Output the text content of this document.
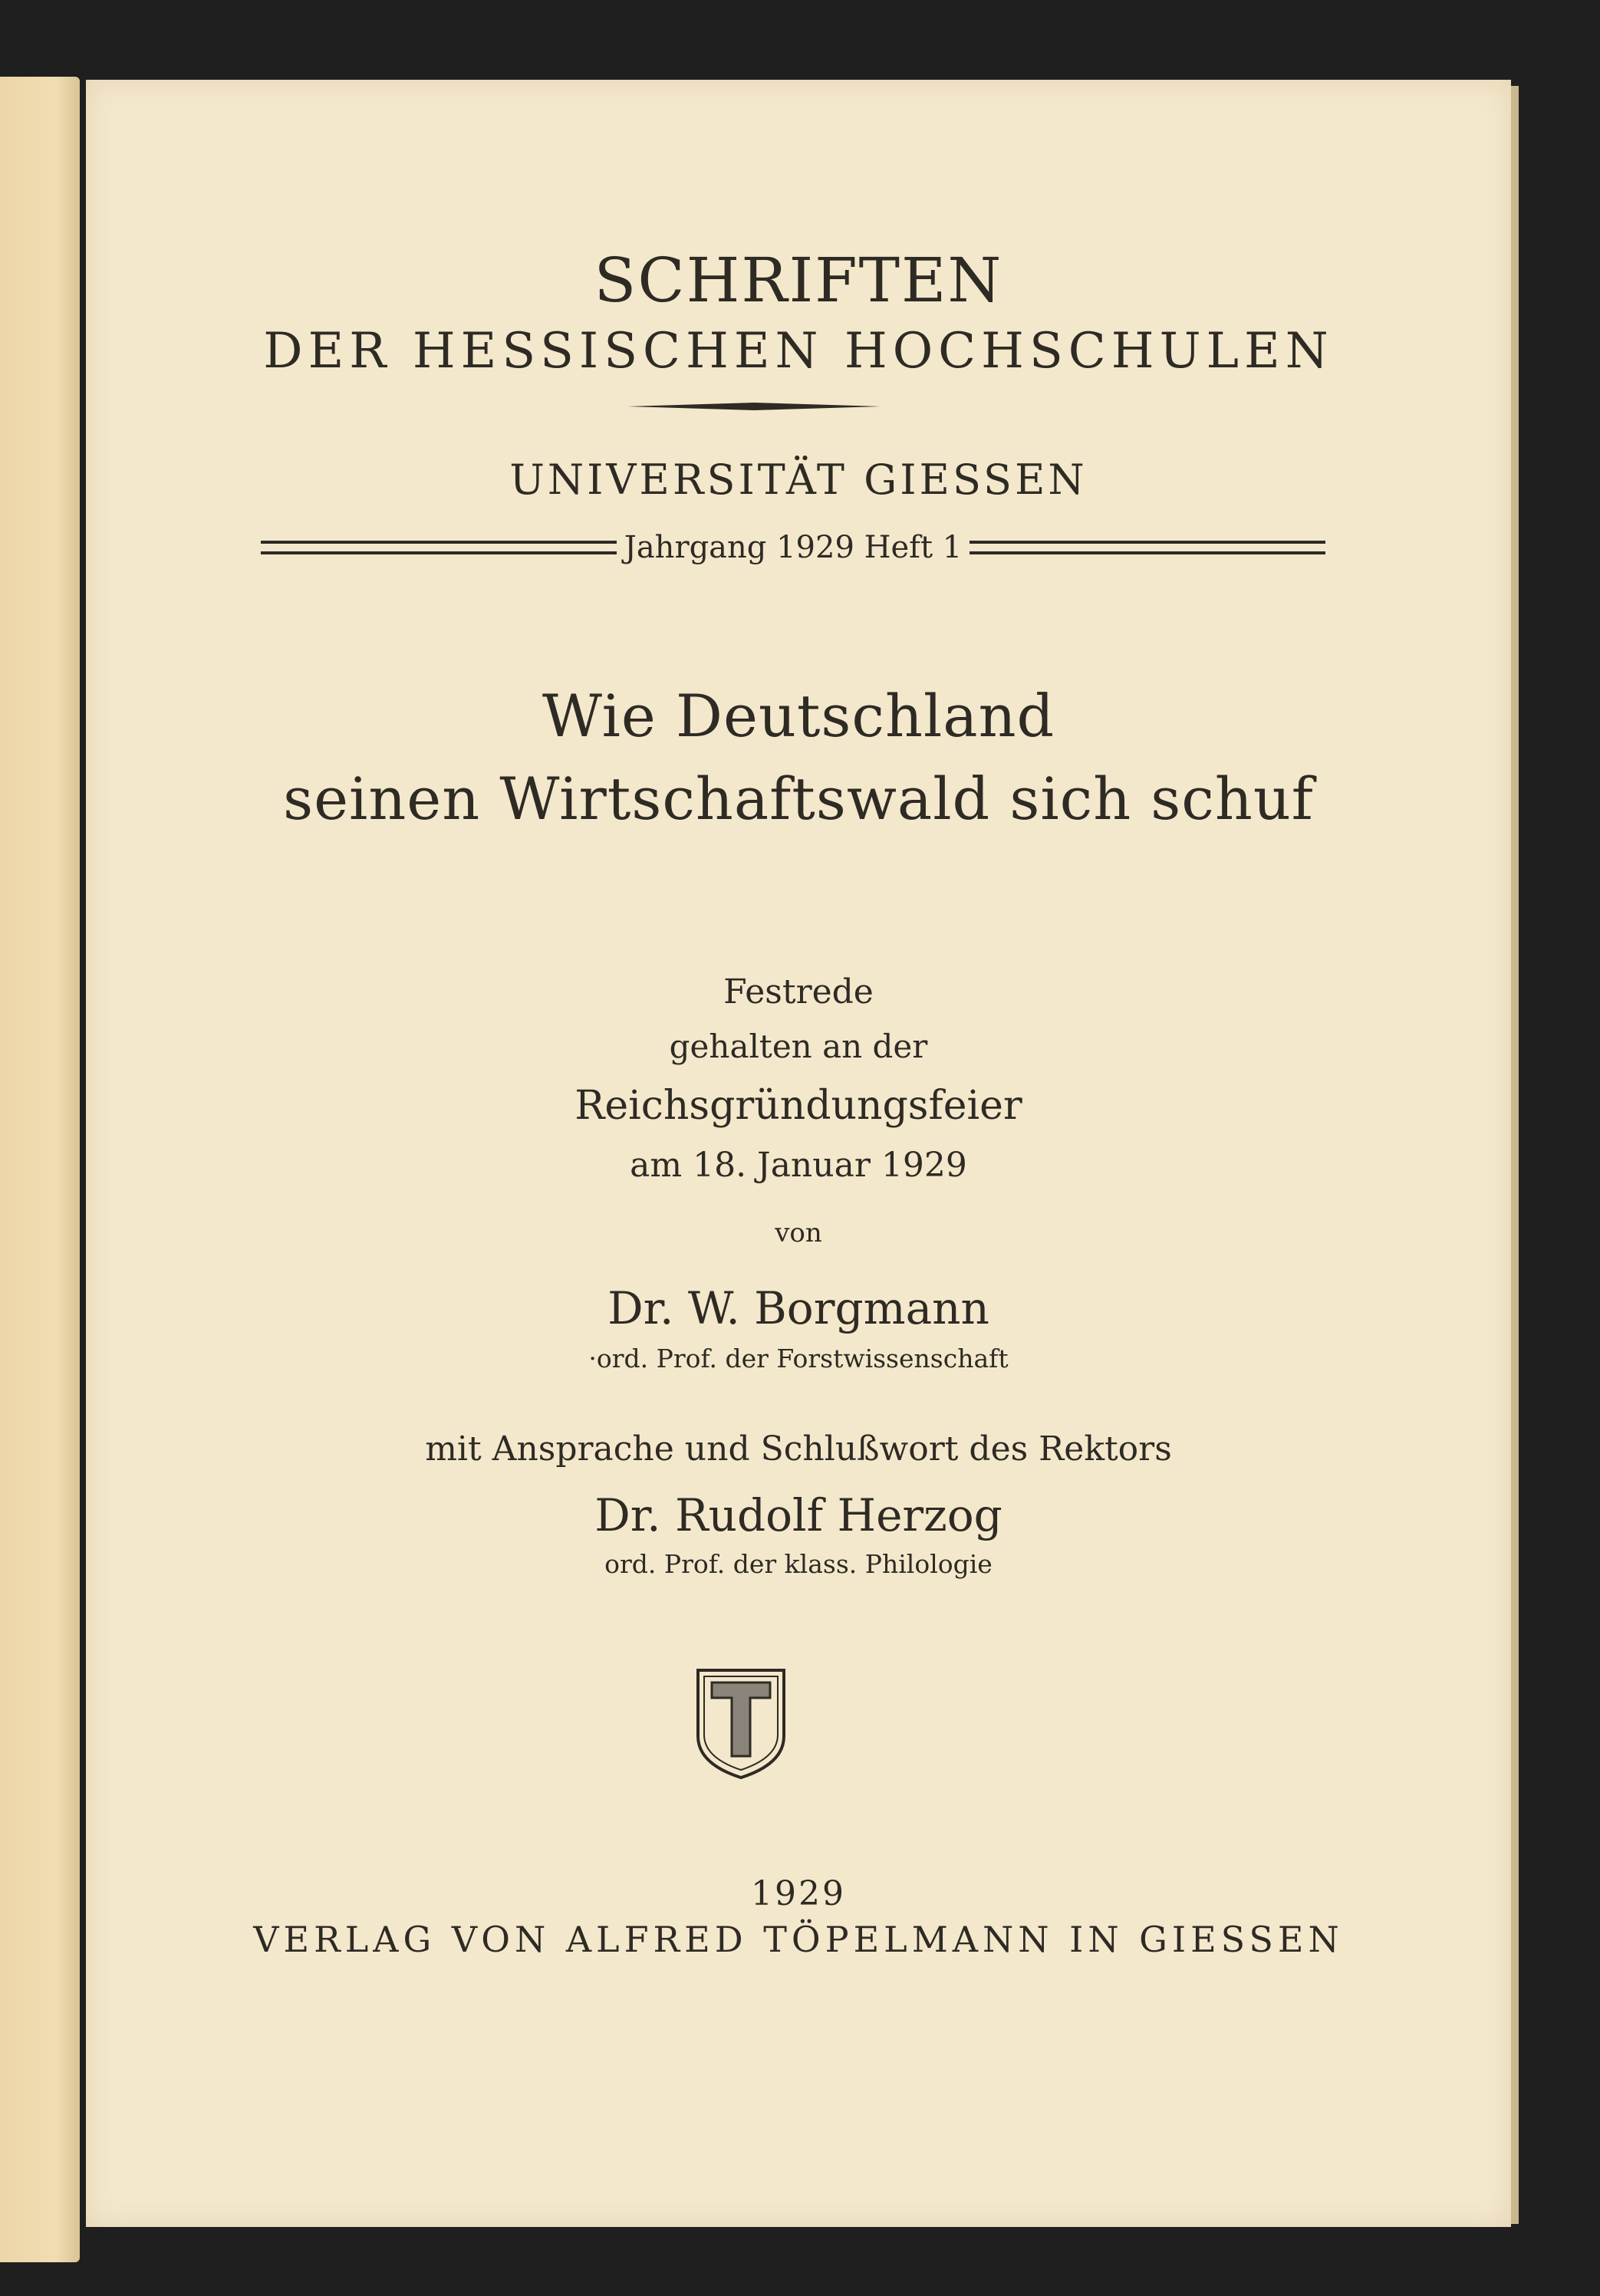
SCHRIFTEN
DER HESSISCHEN HOCHSCHULEN
UNIVERSITÄT GIESSEN
Jahrgang 1929 Heft 1
Wie Deutschland
seinen Wirtschaftswald sich schuf
Festrede
gehalten an der
Reichsgründungsfeier
am 18. Januar 1929
von
Dr. W. Borgmann
·ord. Prof. der Forstwissenschaft
mit Ansprache und Schlußwort des Rektors
Dr. Rudolf Herzog
ord. Prof. der klass. Philologie
1929
VERLAG VON ALFRED TÖPELMANN IN GIESSEN
